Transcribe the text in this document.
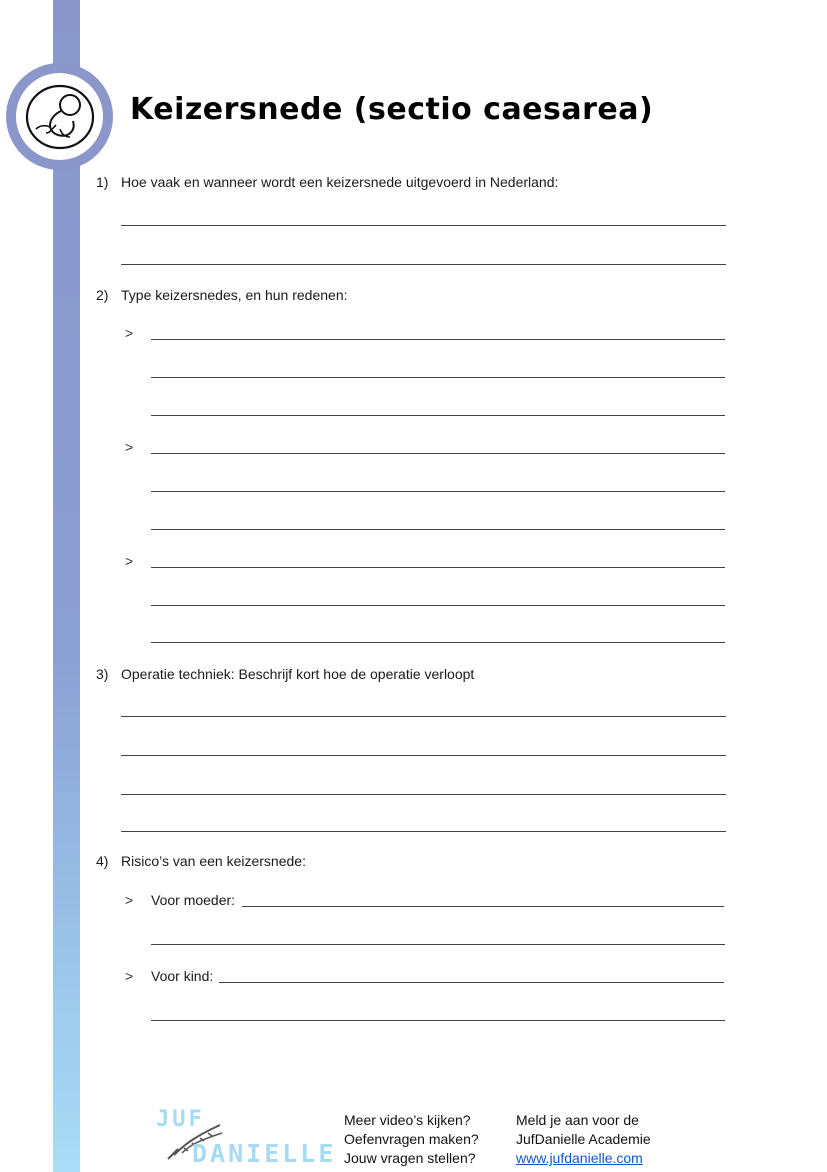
Keizersnede (sectio caesarea)
1) Hoe vaak en wanneer wordt een keizersnede uitgevoerd in Nederland:
2) Type keizersnedes, en hun redenen:
>
>
>
3) Operatie techniek: Beschrijf kort hoe de operatie verloopt
4) Risico’s van een keizersnede:
> Voor moeder:
> Voor kind:
JUF
DANIELLE
Meer video’s kijken?
Oefenvragen maken?
Jouw vragen stellen?
Meld je aan voor de
JufDanielle Academie
www.jufdanielle.com
